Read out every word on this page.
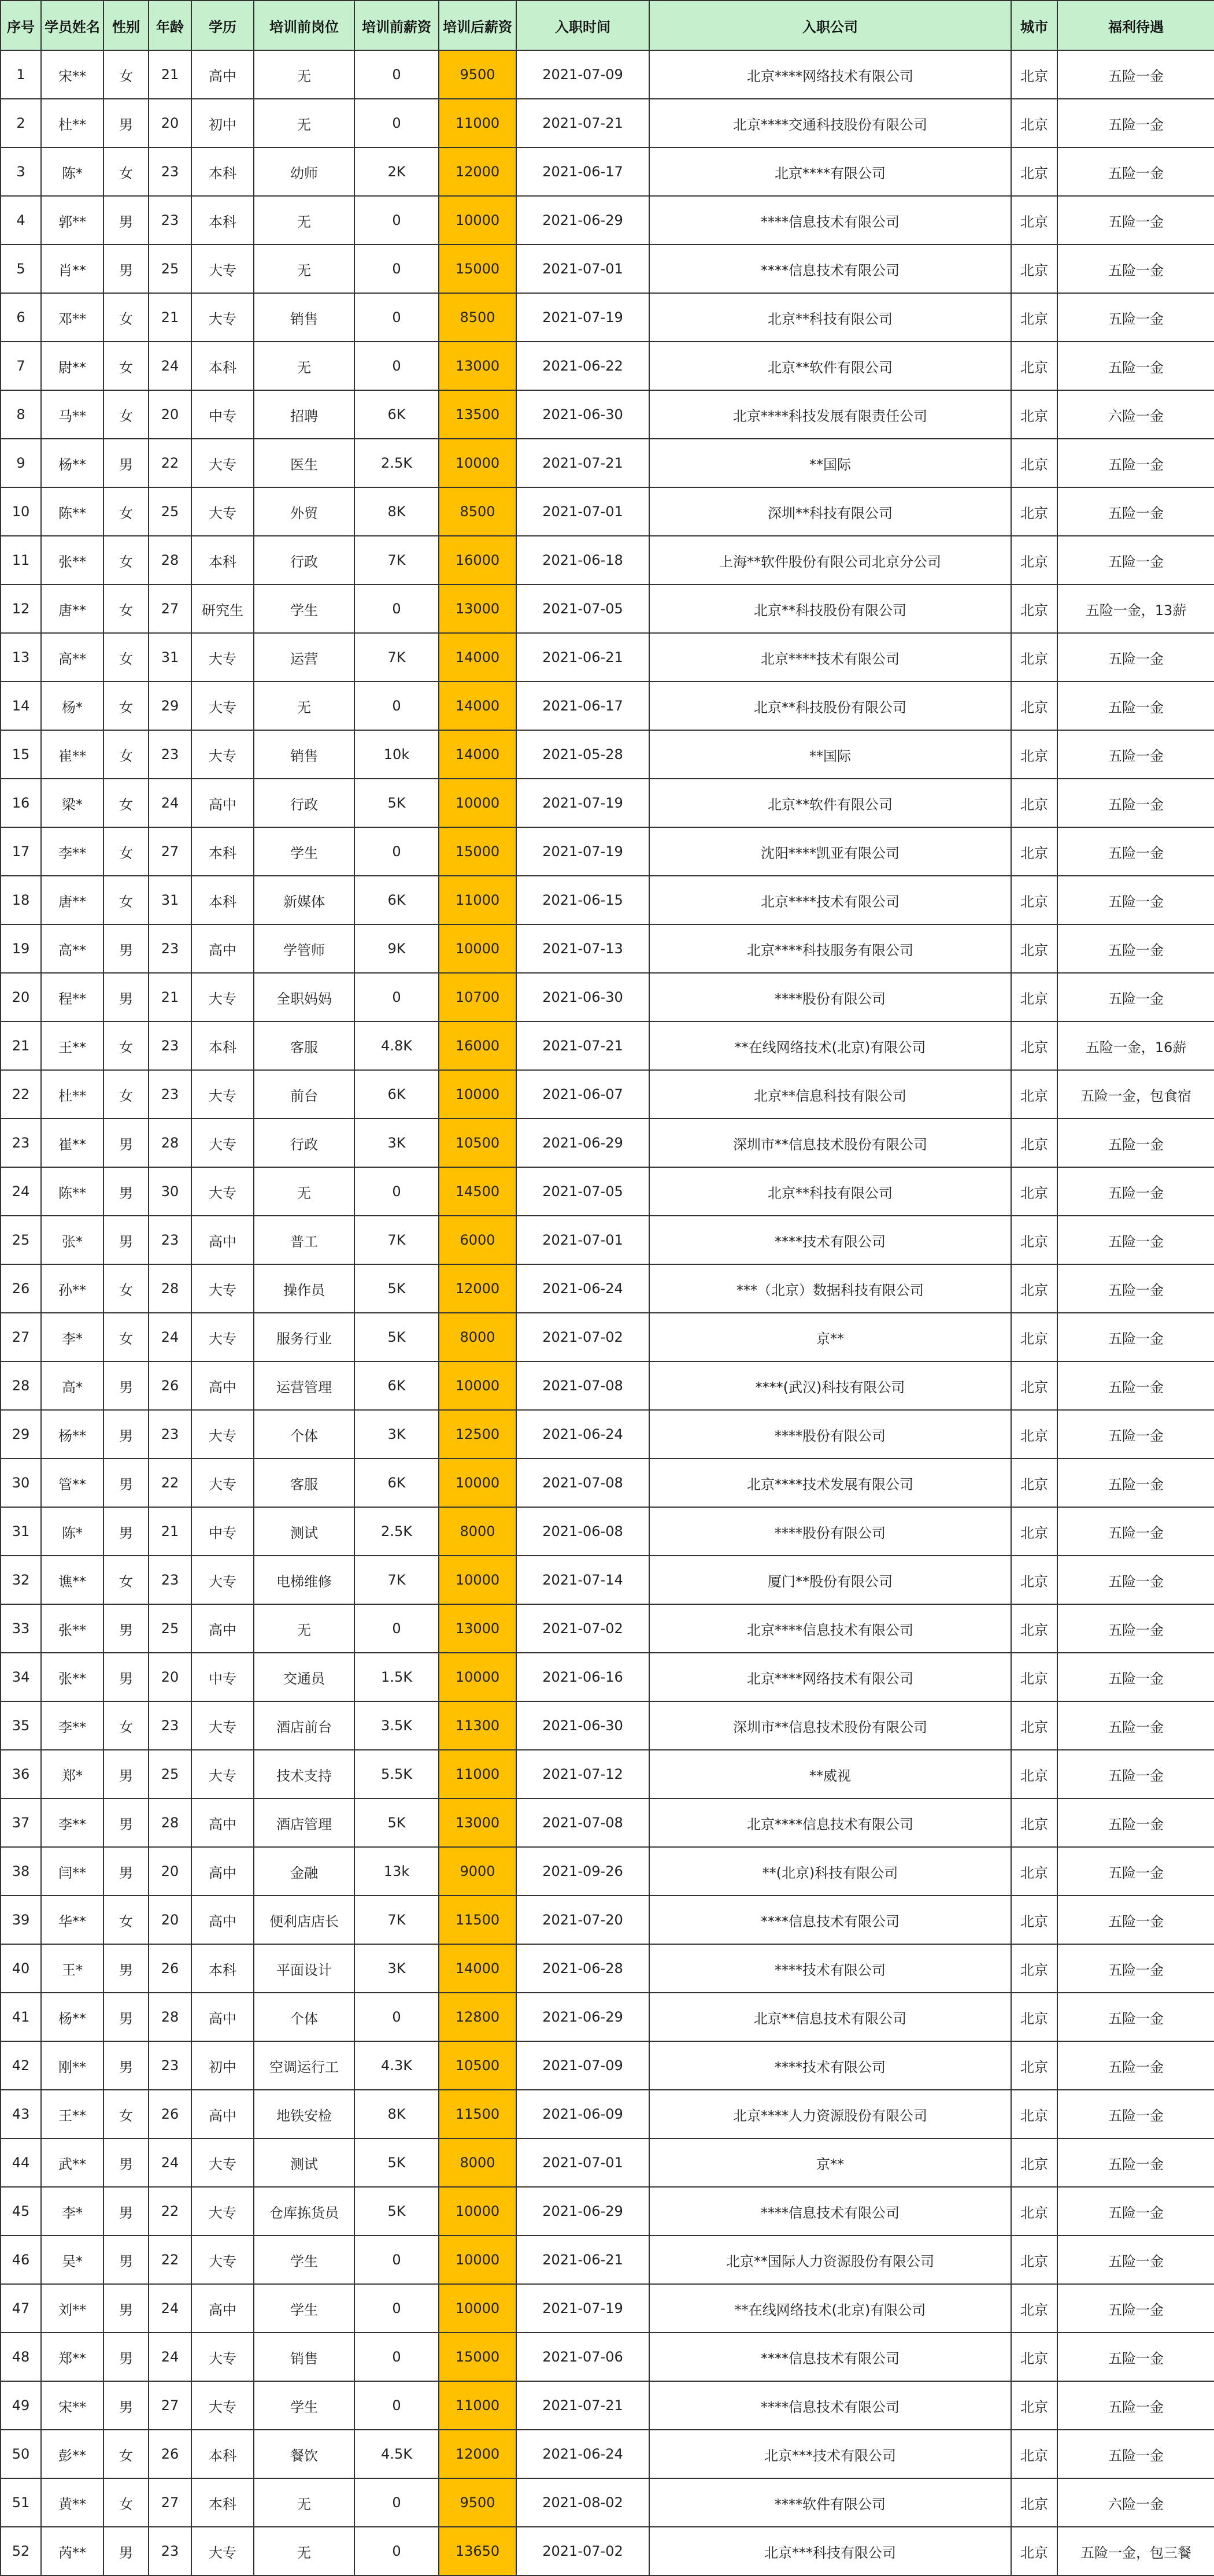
序号	学员姓名	性别	年龄	学历	培训前岗位	培训前薪资	培训后薪资	入职时间	入职公司	城市	福利待遇
1	宋**	女	21	高中	无	0	9500	2021-07-09	北京****网络技术有限公司	北京	五险一金
2	杜**	男	20	初中	无	0	11000	2021-07-21	北京****交通科技股份有限公司	北京	五险一金
3	陈*	女	23	本科	幼师	2K	12000	2021-06-17	北京****有限公司	北京	五险一金
4	郭**	男	23	本科	无	0	10000	2021-06-29	****信息技术有限公司	北京	五险一金
5	肖**	男	25	大专	无	0	15000	2021-07-01	****信息技术有限公司	北京	五险一金
6	邓**	女	21	大专	销售	0	8500	2021-07-19	北京**科技有限公司	北京	五险一金
7	尉**	女	24	本科	无	0	13000	2021-06-22	北京**软件有限公司	北京	五险一金
8	马**	女	20	中专	招聘	6K	13500	2021-06-30	北京****科技发展有限责任公司	北京	六险一金
9	杨**	男	22	大专	医生	2.5K	10000	2021-07-21	**国际	北京	五险一金
10	陈**	女	25	大专	外贸	8K	8500	2021-07-01	深圳**科技有限公司	北京	五险一金
11	张**	女	28	本科	行政	7K	16000	2021-06-18	上海**软件股份有限公司北京分公司	北京	五险一金
12	唐**	女	27	研究生	学生	0	13000	2021-07-05	北京**科技股份有限公司	北京	五险一金，13薪
13	高**	女	31	大专	运营	7K	14000	2021-06-21	北京****技术有限公司	北京	五险一金
14	杨*	女	29	大专	无	0	14000	2021-06-17	北京**科技股份有限公司	北京	五险一金
15	崔**	女	23	大专	销售	10k	14000	2021-05-28	**国际	北京	五险一金
16	梁*	女	24	高中	行政	5K	10000	2021-07-19	北京**软件有限公司	北京	五险一金
17	李**	女	27	本科	学生	0	15000	2021-07-19	沈阳****凯亚有限公司	北京	五险一金
18	唐**	女	31	本科	新媒体	6K	11000	2021-06-15	北京****技术有限公司	北京	五险一金
19	高**	男	23	高中	学管师	9K	10000	2021-07-13	北京****科技服务有限公司	北京	五险一金
20	程**	男	21	大专	全职妈妈	0	10700	2021-06-30	****股份有限公司	北京	五险一金
21	王**	女	23	本科	客服	4.8K	16000	2021-07-21	**在线网络技术(北京)有限公司	北京	五险一金，16薪
22	杜**	女	23	大专	前台	6K	10000	2021-06-07	北京**信息科技有限公司	北京	五险一金，包食宿
23	崔**	男	28	大专	行政	3K	10500	2021-06-29	深圳市**信息技术股份有限公司	北京	五险一金
24	陈**	男	30	大专	无	0	14500	2021-07-05	北京**科技有限公司	北京	五险一金
25	张*	男	23	高中	普工	7K	6000	2021-07-01	****技术有限公司	北京	五险一金
26	孙**	女	28	大专	操作员	5K	12000	2021-06-24	***（北京）数据科技有限公司	北京	五险一金
27	李*	女	24	大专	服务行业	5K	8000	2021-07-02	京**	北京	五险一金
28	高*	男	26	高中	运营管理	6K	10000	2021-07-08	****(武汉)科技有限公司	北京	五险一金
29	杨**	男	23	大专	个体	3K	12500	2021-06-24	****股份有限公司	北京	五险一金
30	管**	男	22	大专	客服	6K	10000	2021-07-08	北京****技术发展有限公司	北京	五险一金
31	陈*	男	21	中专	测试	2.5K	8000	2021-06-08	****股份有限公司	北京	五险一金
32	谯**	女	23	大专	电梯维修	7K	10000	2021-07-14	厦门**股份有限公司	北京	五险一金
33	张**	男	25	高中	无	0	13000	2021-07-02	北京****信息技术有限公司	北京	五险一金
34	张**	男	20	中专	交通员	1.5K	10000	2021-06-16	北京****网络技术有限公司	北京	五险一金
35	李**	女	23	大专	酒店前台	3.5K	11300	2021-06-30	深圳市**信息技术股份有限公司	北京	五险一金
36	郑*	男	25	大专	技术支持	5.5K	11000	2021-07-12	**威视	北京	五险一金
37	李**	男	28	高中	酒店管理	5K	13000	2021-07-08	北京****信息技术有限公司	北京	五险一金
38	闫**	男	20	高中	金融	13k	9000	2021-09-26	**(北京)科技有限公司	北京	五险一金
39	华**	女	20	高中	便利店店长	7K	11500	2021-07-20	****信息技术有限公司	北京	五险一金
40	王*	男	26	本科	平面设计	3K	14000	2021-06-28	****技术有限公司	北京	五险一金
41	杨**	男	28	高中	个体	0	12800	2021-06-29	北京**信息技术有限公司	北京	五险一金
42	刚**	男	23	初中	空调运行工	4.3K	10500	2021-07-09	****技术有限公司	北京	五险一金
43	王**	女	26	高中	地铁安检	8K	11500	2021-06-09	北京****人力资源股份有限公司	北京	五险一金
44	武**	男	24	大专	测试	5K	8000	2021-07-01	京**	北京	五险一金
45	李*	男	22	大专	仓库拣货员	5K	10000	2021-06-29	****信息技术有限公司	北京	五险一金
46	吴*	男	22	大专	学生	0	10000	2021-06-21	北京**国际人力资源股份有限公司	北京	五险一金
47	刘**	男	24	高中	学生	0	10000	2021-07-19	**在线网络技术(北京)有限公司	北京	五险一金
48	郑**	男	24	大专	销售	0	15000	2021-07-06	****信息技术有限公司	北京	五险一金
49	宋**	男	27	大专	学生	0	11000	2021-07-21	****信息技术有限公司	北京	五险一金
50	彭**	女	26	本科	餐饮	4.5K	12000	2021-06-24	北京***技术有限公司	北京	五险一金
51	黄**	女	27	本科	无	0	9500	2021-08-02	****软件有限公司	北京	六险一金
52	芮**	男	23	大专	无	0	13650	2021-07-02	北京***科技有限公司	北京	五险一金，包三餐
